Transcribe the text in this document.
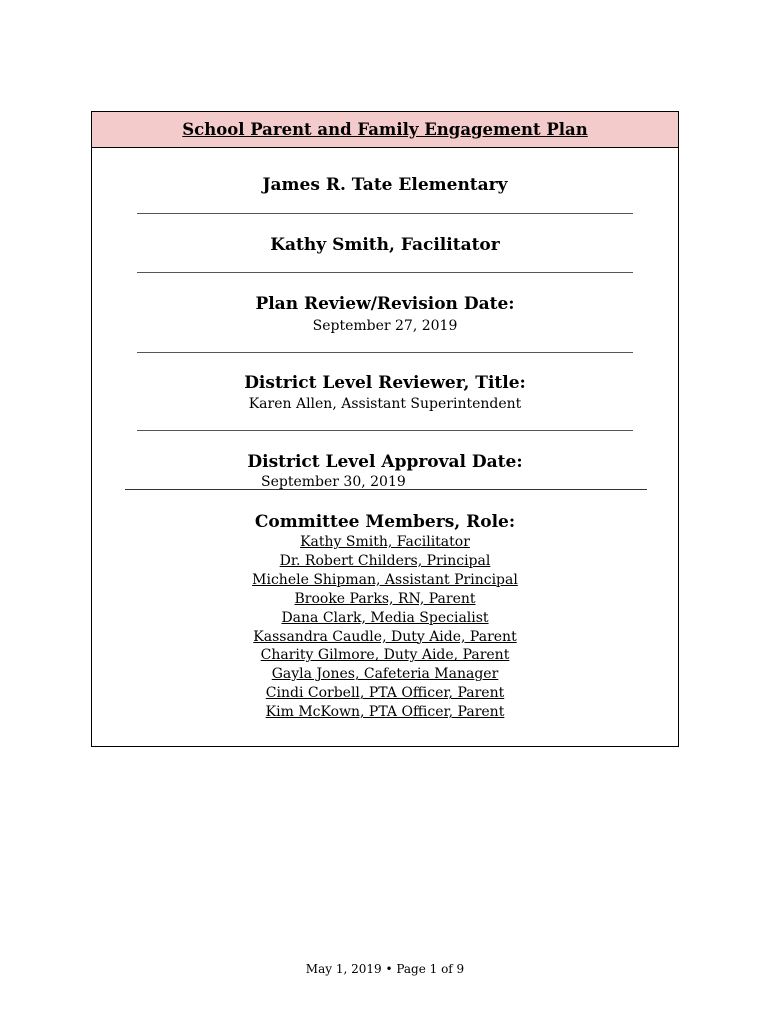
School Parent and Family Engagement Plan
James R. Tate Elementary
Kathy Smith, Facilitator
Plan Review/Revision Date:
September 27, 2019
District Level Reviewer, Title:
Karen Allen, Assistant Superintendent
District Level Approval Date:
September 30, 2019
Committee Members, Role:
Kathy Smith, Facilitator
Dr. Robert Childers, Principal
Michele Shipman, Assistant Principal
Brooke Parks, RN, Parent
Dana Clark, Media Specialist
Kassandra Caudle, Duty Aide, Parent
Charity Gilmore, Duty Aide, Parent
Gayla Jones, Cafeteria Manager
Cindi Corbell, PTA Officer, Parent
Kim McKown, PTA Officer, Parent
May 1, 2019 • Page 1 of 9
